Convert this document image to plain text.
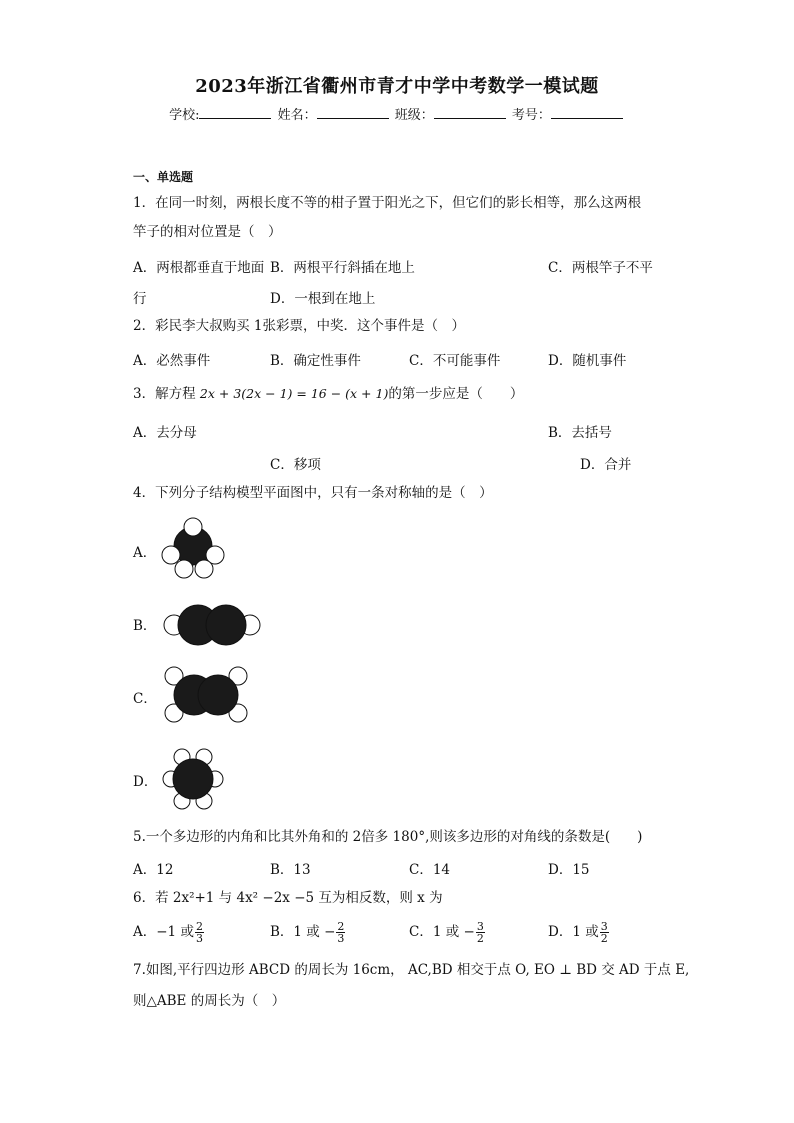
2023年浙江省衢州市青才中学中考数学一模试题
学校:	姓名：	班级：	考号：
一、单选题
1．在同一时刻，两根长度不等的柑子置于阳光之下，但它们的影长相等，那么这两根
竿子的相对位置是（　）
A．两根都垂直于地面 B．两根平行斜插在地上	C．两根竿子不平
行	D．一根到在地上
2．彩民李大叔购买 1张彩票，中奖．这个事件是（　）
A．必然事件	B．确定性事件	C．不可能事件	D．随机事件
3．解方程 2x + 3(2x − 1) = 16 − (x + 1)的第一步应是（　　）
A．去分母	B．去括号
C．移项	D．合并
4．下列分子结构模型平面图中，只有一条对称轴的是（　）
A．
B．
C．
D．
5.一个多边形的内角和比其外角和的 2倍多 180°,则该多边形的对角线的条数是(　　)
A．12	B．13	C．14	D．15
6．若 2x²+1 与 4x² −2x −5 互为相反数，则 x 为
A．−1 或 $\frac{2}{3}$	B．1 或 − $\frac{2}{3}$	C．1 或 − $\frac{3}{2}$	D．1 或 $\frac{3}{2}$
7.如图,平行四边形 ABCD 的周长为 16cm， AC,BD 相交于点 O, EO ⊥ BD 交 AD 于点 E,
则△ABE 的周长为（　）
